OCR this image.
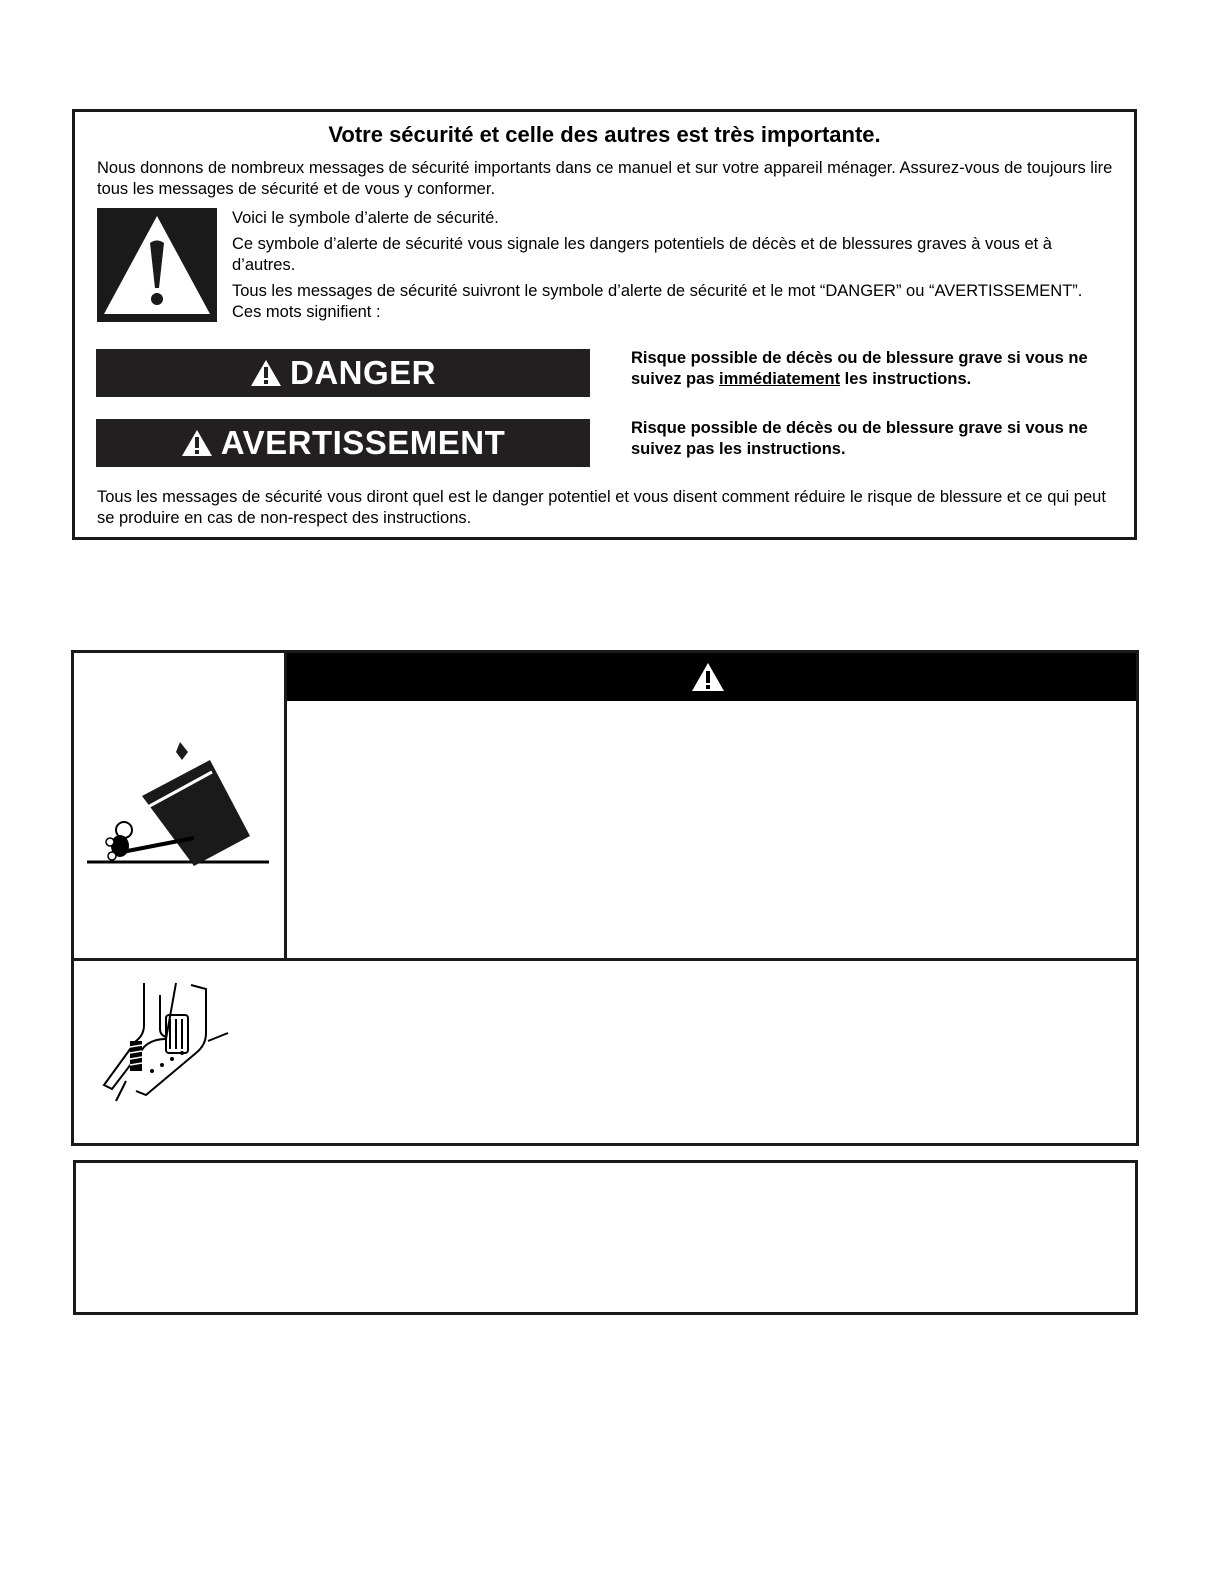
Votre sécurité et celle des autres est très importante.

Nous donnons de nombreux messages de sécurité importants dans ce manuel et sur votre appareil ménager. Assurez-vous de toujours lire tous les messages de sécurité et de vous y conformer.

Voici le symbole d’alerte de sécurité.

Ce symbole d’alerte de sécurité vous signale les dangers potentiels de décès et de blessures graves à vous et à d’autres.

Tous les messages de sécurité suivront le symbole d’alerte de sécurité et le mot “DANGER” ou “AVERTISSEMENT”. Ces mots signifient :

DANGER	Risque possible de décès ou de blessure grave si vous ne suivez pas immédiatement les instructions.

AVERTISSEMENT	Risque possible de décès ou de blessure grave si vous ne suivez pas les instructions.

Tous les messages de sécurité vous diront quel est le danger potentiel et vous disent comment réduire le risque de blessure et ce qui peut se produire en cas de non-respect des instructions.
